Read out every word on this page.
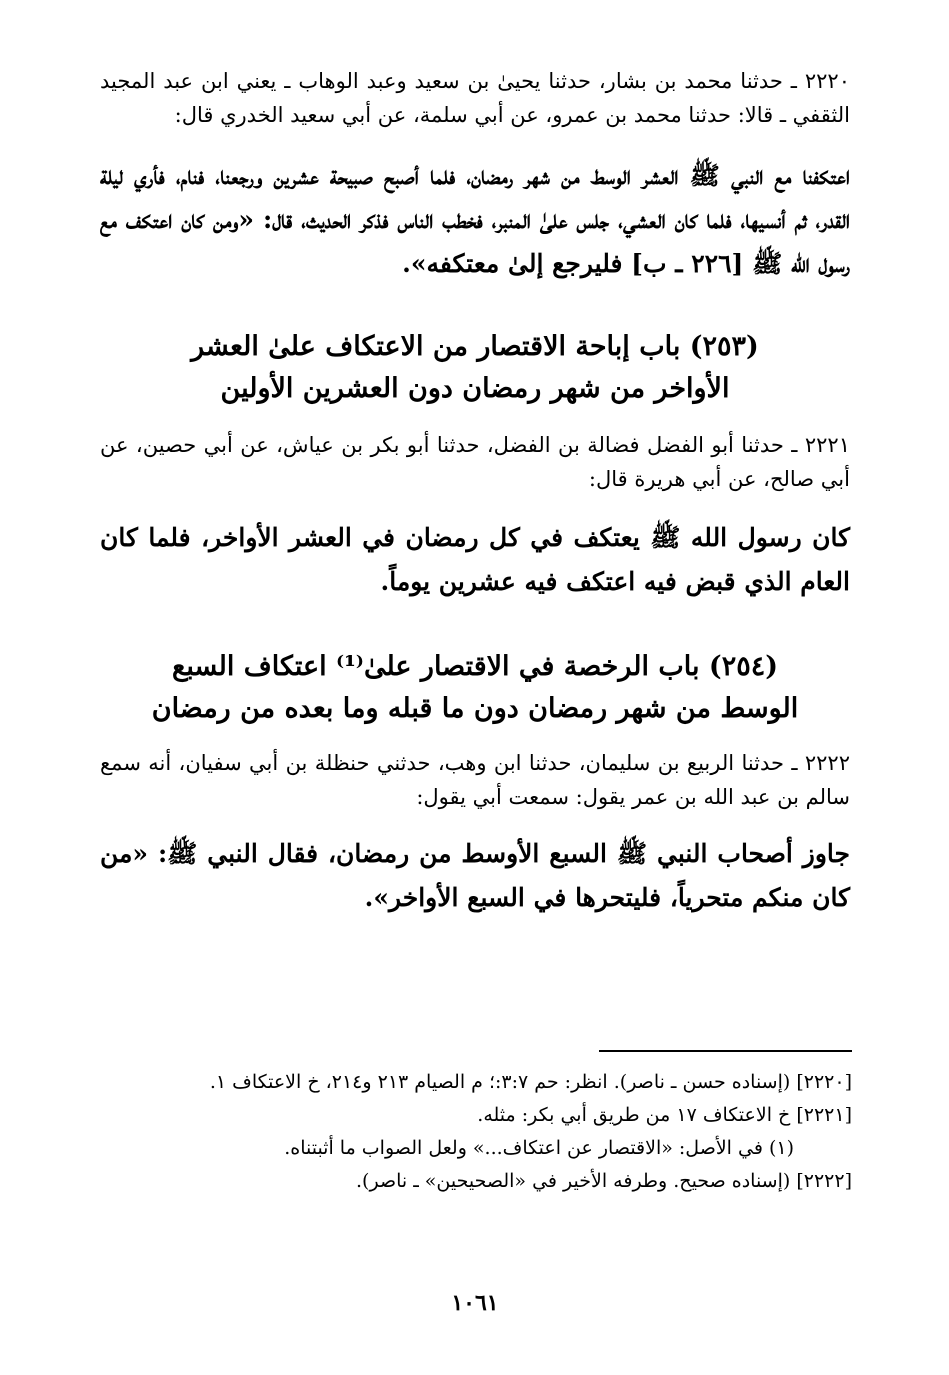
٢٢٢٠ ـ حدثنا محمد بن بشار، حدثنا يحيىٰ بن سعيد وعبد الوهاب ـ يعني ابن عبد المجيد الثقفي ـ قالا: حدثنا محمد بن عمرو، عن أبي سلمة، عن أبي سعيد الخدري قال:

اعتكفنا مع النبي ﷺ العشر الوسط من شهر رمضان، فلما أصبح صبيحة عشرين ورجعنا، فنام، فأري ليلة القدر، ثم أنسيها، فلما كان العشي، جلس علىٰ المنبر، فخطب الناس فذكر الحديث، قال: «ومن كان اعتكف مع رسول الله ﷺ [٢٢٦ ـ ب] فليرجع إلىٰ معتكفه».

(٢٥٣) باب إباحة الاقتصار من الاعتكاف علىٰ العشر الأواخر من شهر رمضان دون العشرين الأولين

٢٢٢١ ـ حدثنا أبو الفضل فضالة بن الفضل، حدثنا أبو بكر بن عياش، عن أبي حصين، عن أبي صالح، عن أبي هريرة قال:

كان رسول الله ﷺ يعتكف في كل رمضان في العشر الأواخر، فلما كان العام الذي قبض فيه اعتكف فيه عشرين يوماً.

(٢٥٤) باب الرخصة في الاقتصار علىٰ⁽¹⁾ اعتكاف السبع الوسط من شهر رمضان دون ما قبله وما بعده من رمضان

٢٢٢٢ ـ حدثنا الربيع بن سليمان، حدثنا ابن وهب، حدثني حنظلة بن أبي سفيان، أنه سمع سالم بن عبد الله بن عمر يقول: سمعت أبي يقول:

جاوز أصحاب النبي ﷺ السبع الأوسط من رمضان، فقال النبي ﷺ: «من كان منكم متحرياً، فليتحرها في السبع الأواخر».

[٢٢٢٠] (إسناده حسن ـ ناصر). انظر: حم ٣:٧:؛ م الصيام ٢١٣ و٢١٤، خ الاعتكاف ١.

[٢٢٢١] خ الاعتكاف ١٧ من طريق أبي بكر: مثله.

(١) في الأصل: «الاقتصار عن اعتكاف...» ولعل الصواب ما أثبتناه.

[٢٢٢٢] (إسناده صحيح. وطرفه الأخير في «الصحيحين» ـ ناصر).

١٠٦١
